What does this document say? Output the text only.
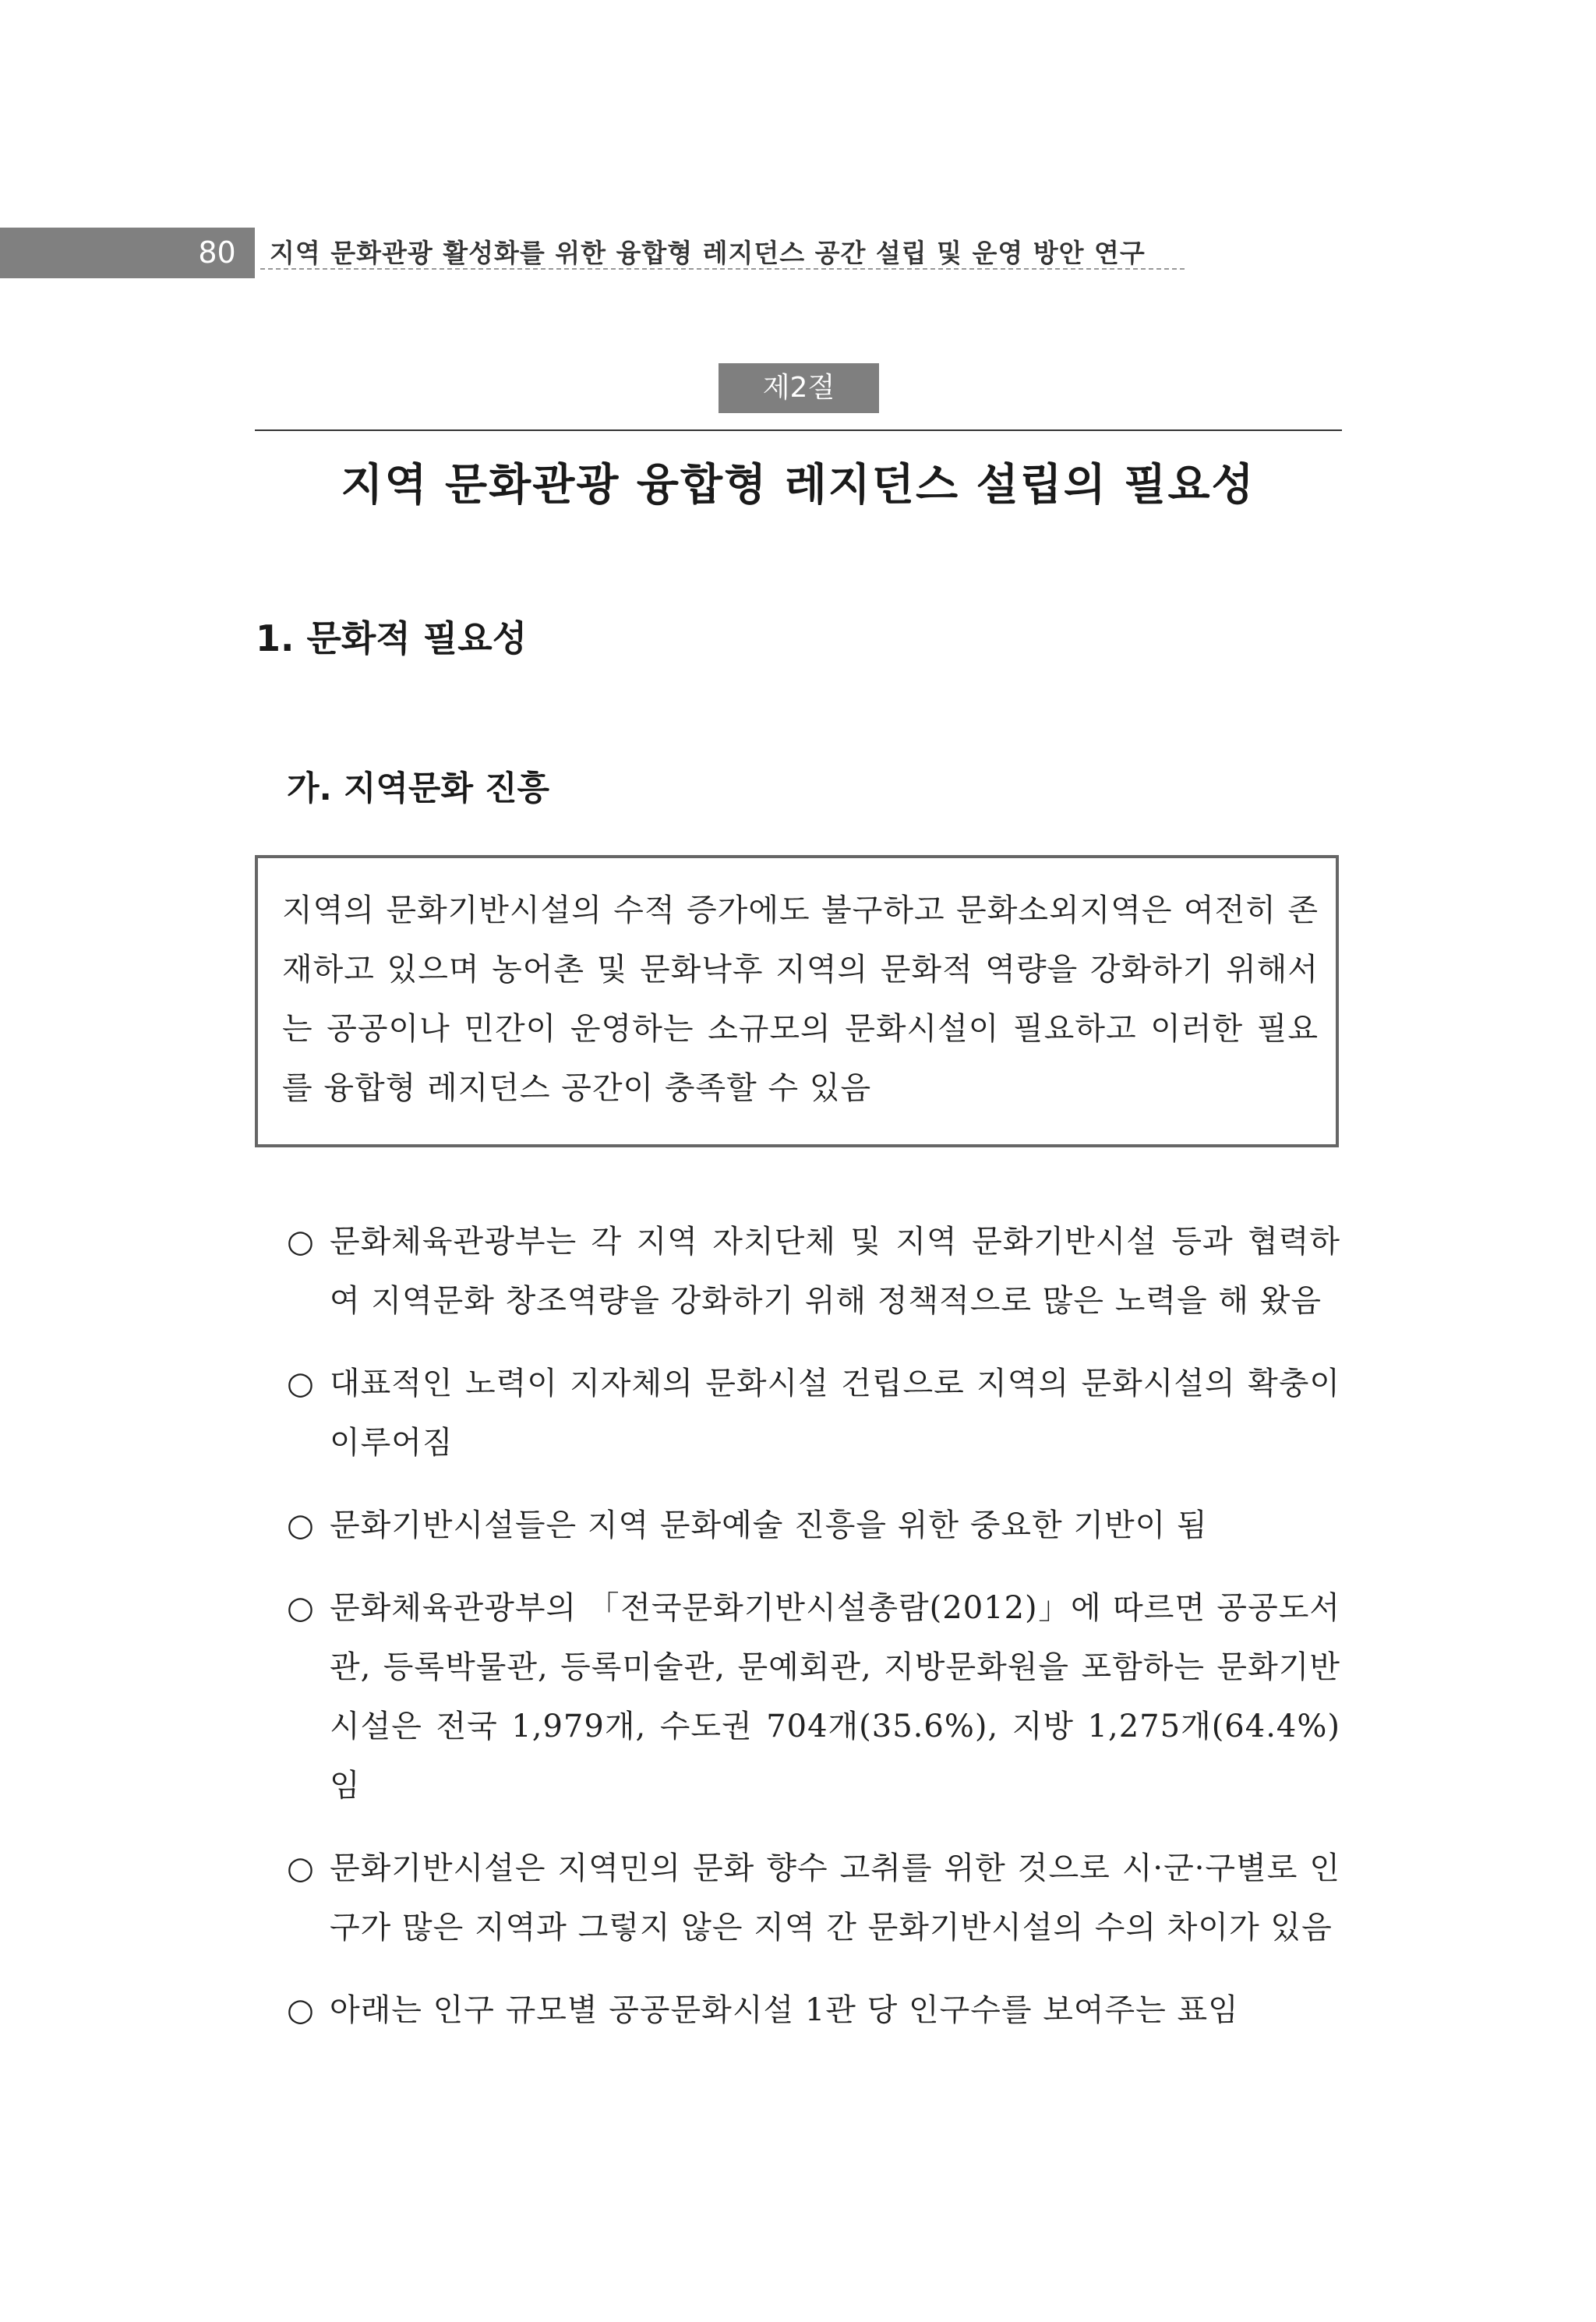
80	지역 문화관광 활성화를 위한 융합형 레지던스 공간 설립 및 운영 방안 연구
제2절
지역 문화관광 융합형 레지던스 설립의 필요성
1. 문화적 필요성
가. 지역문화 진흥
지역의 문화기반시설의 수적 증가에도 불구하고 문화소외지역은 여전히 존재하고 있으며 농어촌 및 문화낙후 지역의 문화적 역량을 강화하기 위해서는 공공이나 민간이 운영하는 소규모의 문화시설이 필요하고 이러한 필요를 융합형 레지던스 공간이 충족할 수 있음
○ 문화체육관광부는 각 지역 자치단체 및 지역 문화기반시설 등과 협력하여 지역문화 창조역량을 강화하기 위해 정책적으로 많은 노력을 해 왔음
○ 대표적인 노력이 지자체의 문화시설 건립으로 지역의 문화시설의 확충이 이루어짐
○ 문화기반시설들은 지역 문화예술 진흥을 위한 중요한 기반이 됨
○ 문화체육관광부의 「전국문화기반시설총람(2012)」에 따르면 공공도서관, 등록박물관, 등록미술관, 문예회관, 지방문화원을 포함하는 문화기반시설은 전국 1,979개, 수도권 704개(35.6%), 지방 1,275개(64.4%)임
○ 문화기반시설은 지역민의 문화 향수 고취를 위한 것으로 시·군·구별로 인구가 많은 지역과 그렇지 않은 지역 간 문화기반시설의 수의 차이가 있음
○ 아래는 인구 규모별 공공문화시설 1관 당 인구수를 보여주는 표임
